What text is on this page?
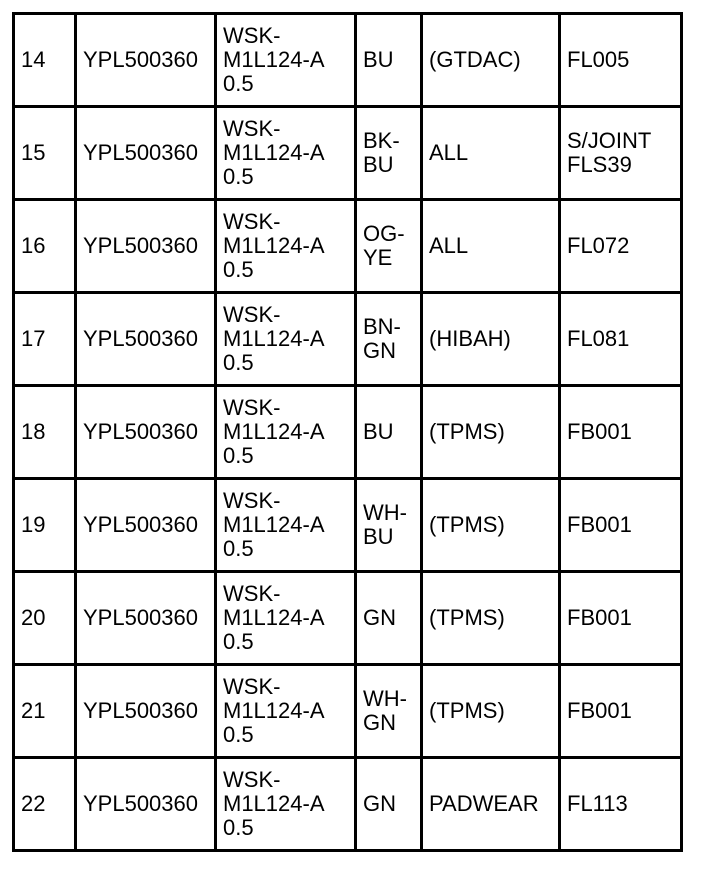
14	YPL500360	WSK-
M1L124-A
0.5	BU	(GTDAC)	FL005

15	YPL500360	WSK-
M1L124-A
0.5	BK-
BU	ALL	S/JOINT
FLS39

16	YPL500360	WSK-
M1L124-A
0.5	OG-
YE	ALL	FL072

17	YPL500360	WSK-
M1L124-A
0.5	BN-
GN	(HIBAH)	FL081

18	YPL500360	WSK-
M1L124-A
0.5	BU	(TPMS)	FB001

19	YPL500360	WSK-
M1L124-A
0.5	WH-
BU	(TPMS)	FB001

20	YPL500360	WSK-
M1L124-A
0.5	GN	(TPMS)	FB001

21	YPL500360	WSK-
M1L124-A
0.5	WH-
GN	(TPMS)	FB001

22	YPL500360	WSK-
M1L124-A
0.5	GN	PADWEAR	FL113
